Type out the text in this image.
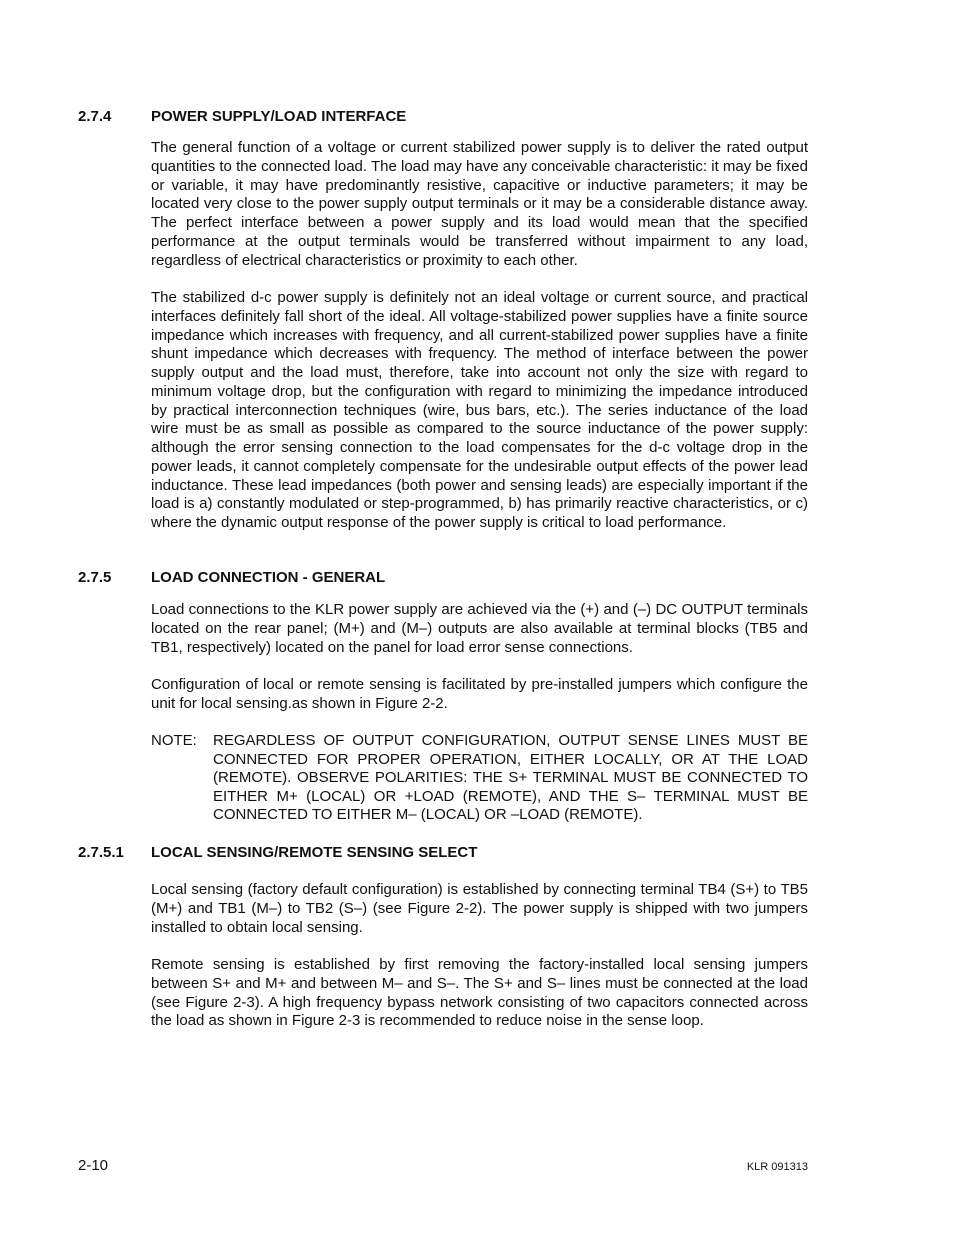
2.7.4	POWER SUPPLY/LOAD INTERFACE
The general function of a voltage or current stabilized power supply is to deliver the rated output quantities to the connected load. The load may have any conceivable characteristic: it may be fixed or variable, it may have predominantly resistive, capacitive or inductive parameters; it may be located very close to the power supply output terminals or it may be a considerable distance away. The perfect interface between a power supply and its load would mean that the specified performance at the output terminals would be transferred without impairment to any load, regardless of electrical characteristics or proximity to each other.
The stabilized d-c power supply is definitely not an ideal voltage or current source, and practical interfaces definitely fall short of the ideal. All voltage-stabilized power supplies have a finite source impedance which increases with frequency, and all current-stabilized power supplies have a finite shunt impedance which decreases with frequency. The method of interface between the power supply output and the load must, therefore, take into account not only the size with regard to minimum voltage drop, but the configuration with regard to minimizing the impedance introduced by practical interconnection techniques (wire, bus bars, etc.). The series inductance of the load wire must be as small as possible as compared to the source inductance of the power supply: although the error sensing connection to the load compensates for the d-c voltage drop in the power leads, it cannot completely compensate for the undesirable output effects of the power lead inductance. These lead impedances (both power and sensing leads) are especially important if the load is a) constantly modulated or step-programmed, b) has primarily reactive characteristics, or c) where the dynamic output response of the power supply is critical to load performance.
2.7.5	LOAD CONNECTION - GENERAL
Load connections to the KLR power supply are achieved via the (+) and (–) DC OUTPUT terminals located on the rear panel; (M+) and (M–) outputs are also available at terminal blocks (TB5 and TB1, respectively) located on the panel for load error sense connections.
Configuration of local or remote sensing is facilitated by pre-installed jumpers which configure the unit for local sensing.as shown in Figure 2-2.
NOTE: REGARDLESS OF OUTPUT CONFIGURATION, OUTPUT SENSE LINES MUST BE CONNECTED FOR PROPER OPERATION, EITHER LOCALLY, OR AT THE LOAD (REMOTE). OBSERVE POLARITIES: THE S+ TERMINAL MUST BE CONNECTED TO EITHER M+ (LOCAL) OR +LOAD (REMOTE), AND THE S– TERMINAL MUST BE CONNECTED TO EITHER M– (LOCAL) OR –LOAD (REMOTE).
2.7.5.1 LOCAL SENSING/REMOTE SENSING SELECT
Local sensing (factory default configuration) is established by connecting terminal TB4 (S+) to TB5 (M+) and TB1 (M–) to TB2 (S–) (see Figure 2-2). The power supply is shipped with two jumpers installed to obtain local sensing.
Remote sensing is established by first removing the factory-installed local sensing jumpers between S+ and M+ and between M– and S–. The S+ and S– lines must be connected at the load (see Figure 2-3). A high frequency bypass network consisting of two capacitors connected across the load as shown in Figure 2-3 is recommended to reduce noise in the sense loop.
2-10	KLR 091313
